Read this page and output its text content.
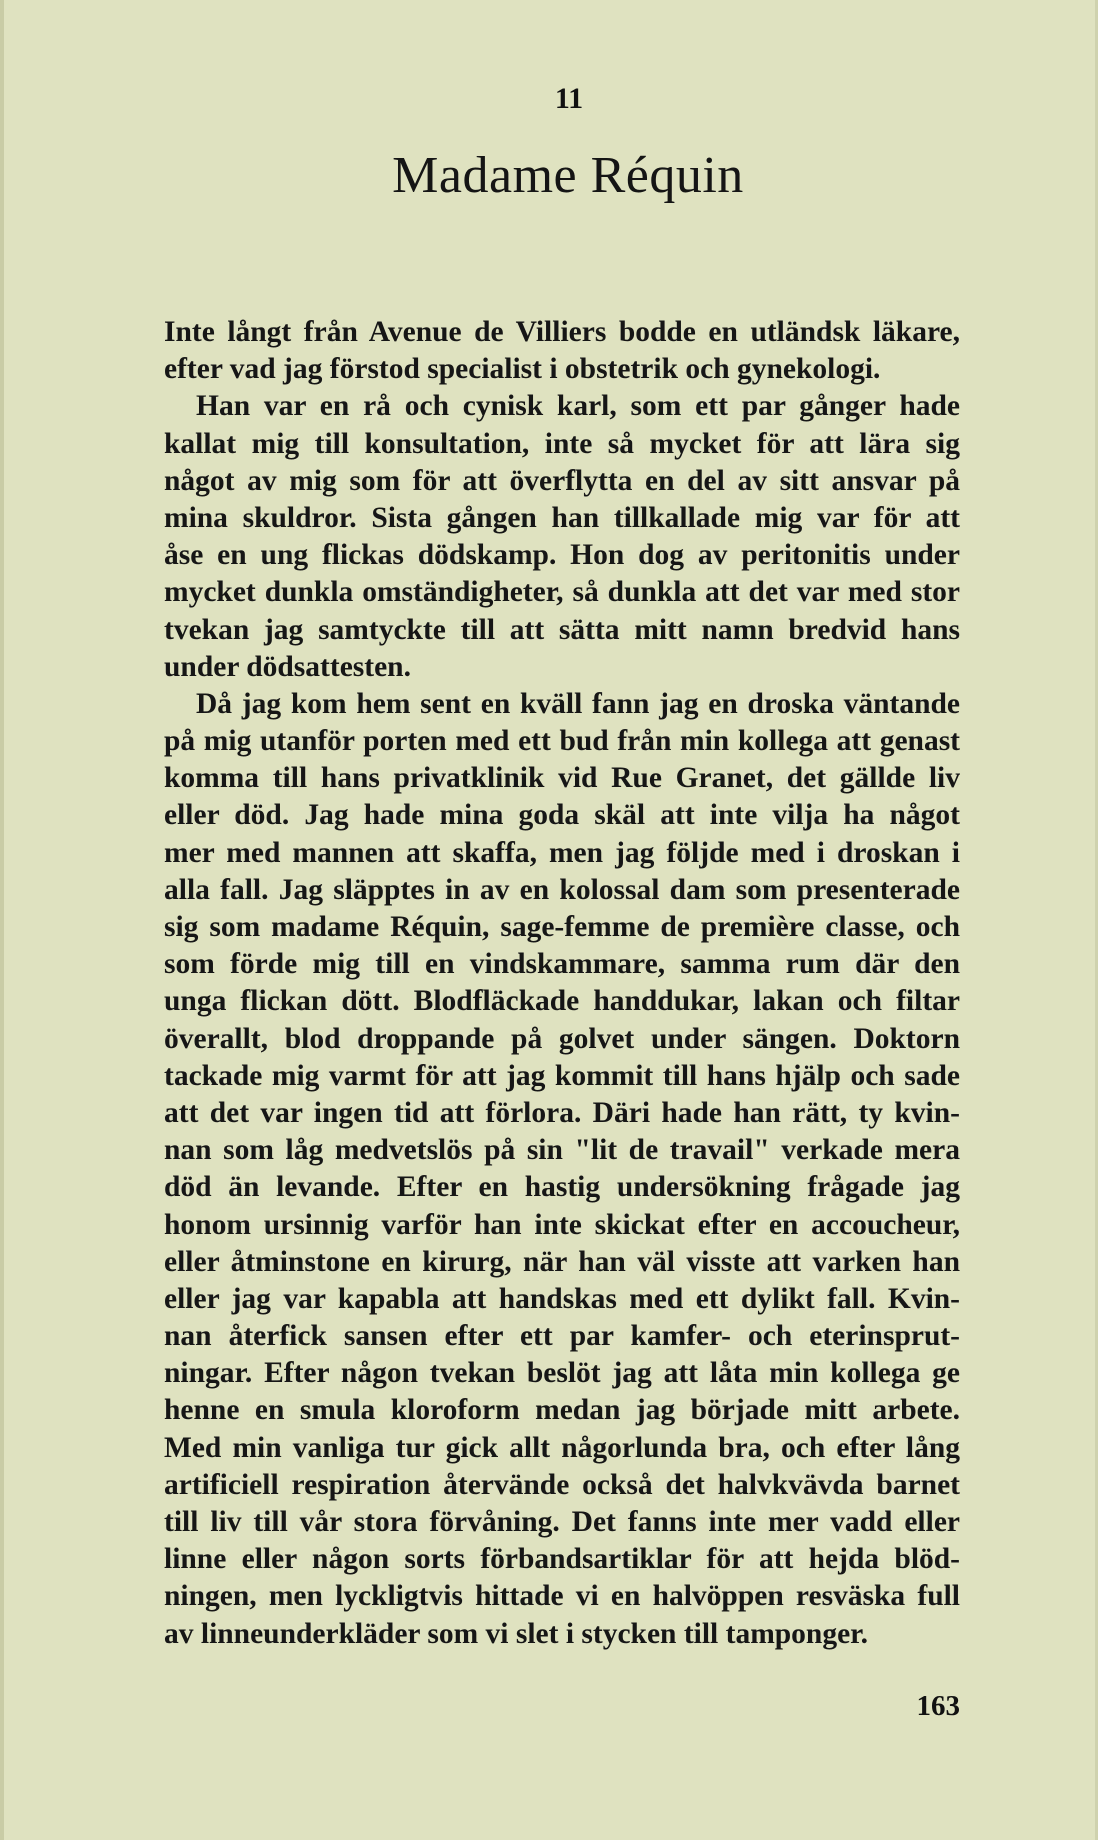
11
Madame Réquin
Inte långt från Avenue de Villiers bodde en utländsk läkare,
efter vad jag förstod specialist i obstetrik och gynekologi.
Han var en rå och cynisk karl, som ett par gånger hade
kallat mig till konsultation, inte så mycket för att lära sig
något av mig som för att överflytta en del av sitt ansvar på
mina skuldror. Sista gången han tillkallade mig var för att
åse en ung flickas dödskamp. Hon dog av peritonitis under
mycket dunkla omständigheter, så dunkla att det var med stor
tvekan jag samtyckte till att sätta mitt namn bredvid hans
under dödsattesten.
Då jag kom hem sent en kväll fann jag en droska väntande
på mig utanför porten med ett bud från min kollega att genast
komma till hans privatklinik vid Rue Granet, det gällde liv
eller död. Jag hade mina goda skäl att inte vilja ha något
mer med mannen att skaffa, men jag följde med i droskan i
alla fall. Jag släpptes in av en kolossal dam som presenterade
sig som madame Réquin, sage-femme de première classe, och
som förde mig till en vindskammare, samma rum där den
unga flickan dött. Blodfläckade handdukar, lakan och filtar
överallt, blod droppande på golvet under sängen. Doktorn
tackade mig varmt för att jag kommit till hans hjälp och sade
att det var ingen tid att förlora. Däri hade han rätt, ty kvin-
nan som låg medvetslös på sin "lit de travail" verkade mera
död än levande. Efter en hastig undersökning frågade jag
honom ursinnig varför han inte skickat efter en accoucheur,
eller åtminstone en kirurg, när han väl visste att varken han
eller jag var kapabla att handskas med ett dylikt fall. Kvin-
nan återfick sansen efter ett par kamfer- och eterinsprut-
ningar. Efter någon tvekan beslöt jag att låta min kollega ge
henne en smula kloroform medan jag började mitt arbete.
Med min vanliga tur gick allt någorlunda bra, och efter lång
artificiell respiration återvände också det halvkvävda barnet
till liv till vår stora förvåning. Det fanns inte mer vadd eller
linne eller någon sorts förbandsartiklar för att hejda blöd-
ningen, men lyckligtvis hittade vi en halvöppen resväska full
av linneunderkläder som vi slet i stycken till tamponger.
163
